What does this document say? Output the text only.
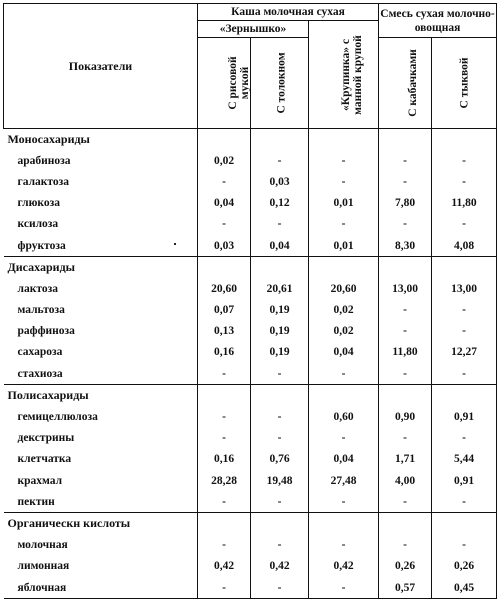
Показатели	Каша молочная сухая			Смесь сухая молочно-овощная	
	«Зернышко»		«Крупинка» с манной крупой		
	С рисовой мукой	С толокном		С кабачками	С тыквой
Моносахариды					
арабиноза	0,02	-	-	-	-
галактоза	-	0,03	-	-	-
глюкоза	0,04	0,12	0,01	7,80	11,80
ксилоза	-	-	-	-	-
фруктоза	0,03	0,04	0,01	8,30	4,08
Дисахариды					
лактоза	20,60	20,61	20,60	13,00	13,00
мальтоза	0,07	0,19	0,02	-	-
раффиноза	0,13	0,19	0,02	-	-
сахароза	0,16	0,19	0,04	11,80	12,27
стахиоза	-	-	-	-	-
Полисахариды					
гемицеллюлоза	-	-	0,60	0,90	0,91
декстрины	-	-	-	-	-
клетчатка	0,16	0,76	0,04	1,71	5,44
крахмал	28,28	19,48	27,48	4,00	0,91
пектин	-	-	-	-	-
Органическн кислоты					
молочная	-	-	-	-	-
лимонная	0,42	0,42	0,42	0,26	0,26
яблочная	-	-	-	0,57	0,45
